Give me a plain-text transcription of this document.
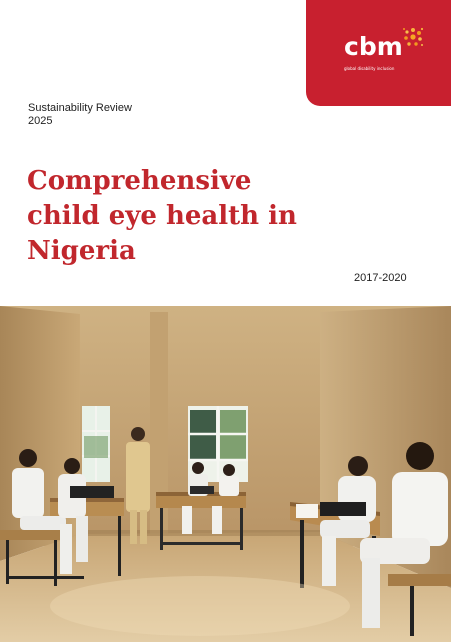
cbm
global disability inclusion
Sustainability Review
2025
Comprehensive
child eye health in
Nigeria
2017-2020
